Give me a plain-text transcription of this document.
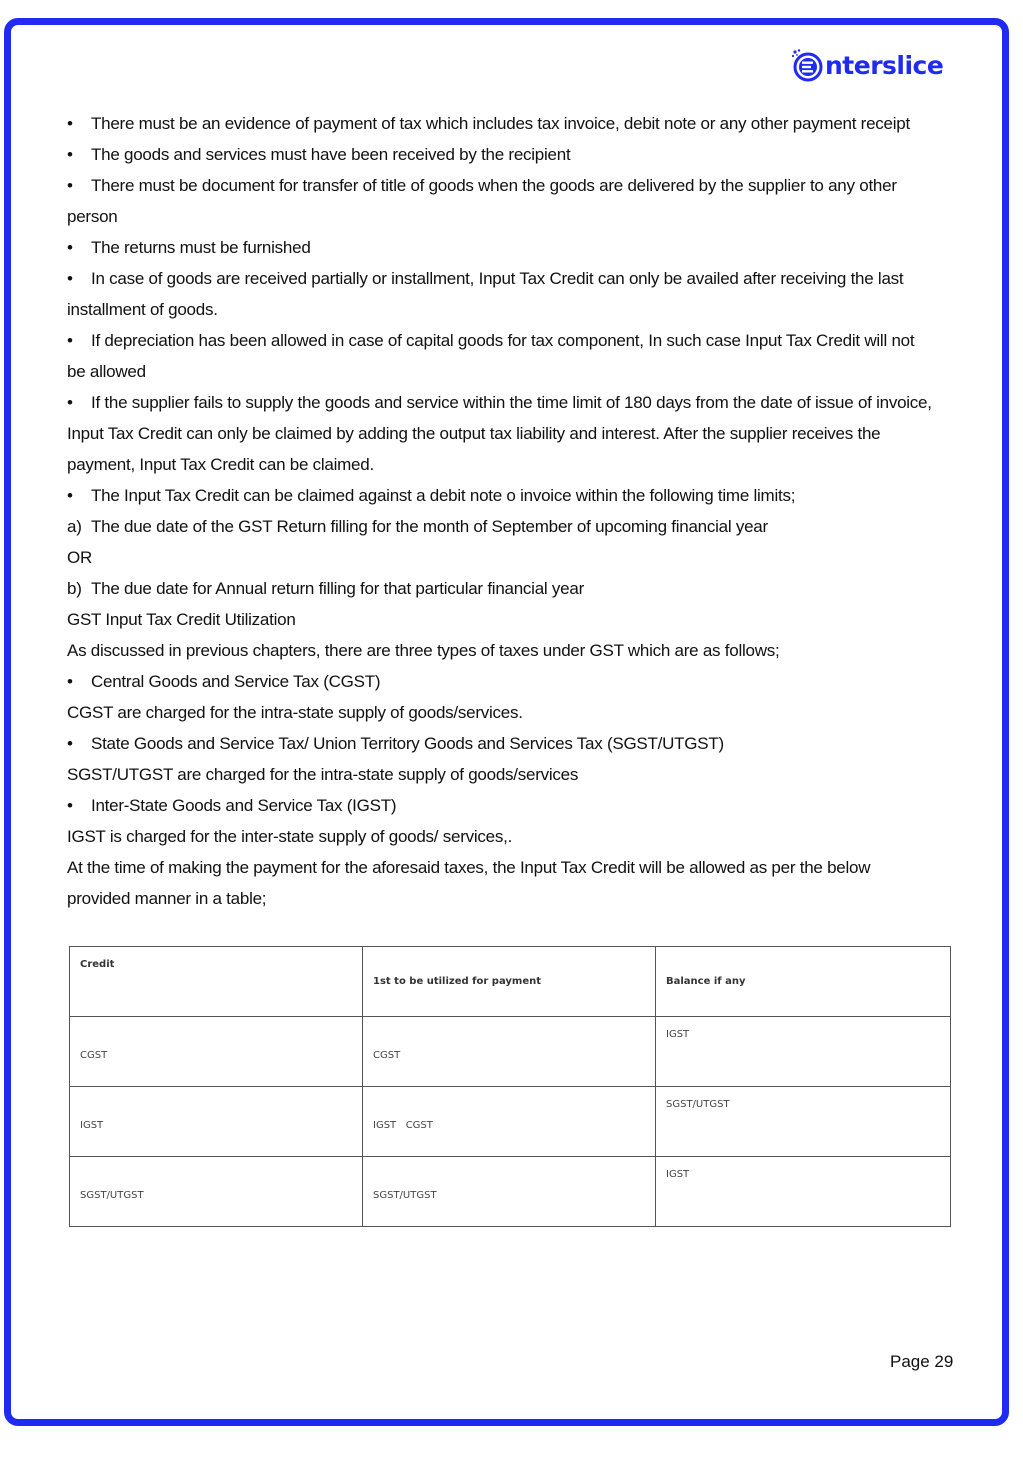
nterslice

• There must be an evidence of payment of tax which includes tax invoice, debit note or any other payment receipt

• The goods and services must have been received by the recipient

• There must be document for transfer of title of goods when the goods are delivered by the supplier to any other

person

• The returns must be furnished

• In case of goods are received partially or installment, Input Tax Credit can only be availed after receiving the last

installment of goods.

• If depreciation has been allowed in case of capital goods for tax component, In such case Input Tax Credit will not

be allowed

• If the supplier fails to supply the goods and service within the time limit of 180 days from the date of issue of invoice,

Input Tax Credit can only be claimed by adding the output tax liability and interest. After the supplier receives the

payment, Input Tax Credit can be claimed.

• The Input Tax Credit can be claimed against a debit note o invoice within the following time limits;

a) The due date of the GST Return filling for the month of September of upcoming financial year

OR

b) The due date for Annual return filling for that particular financial year

GST Input Tax Credit Utilization

As discussed in previous chapters, there are three types of taxes under GST which are as follows;

• Central Goods and Service Tax (CGST)

CGST are charged for the intra-state supply of goods/services.

• State Goods and Service Tax/ Union Territory Goods and Services Tax (SGST/UTGST)

SGST/UTGST are charged for the intra-state supply of goods/services

• Inter-State Goods and Service Tax (IGST)

IGST is charged for the inter-state supply of goods/ services,.

At the time of making the payment for the aforesaid taxes, the Input Tax Credit will be allowed as per the below

provided manner in a table;

Credit	1st to be utilized for payment	Balance if any
CGST	CGST	IGST
IGST	IGST   CGST	SGST/UTGST
SGST/UTGST	SGST/UTGST	IGST
Page 29
